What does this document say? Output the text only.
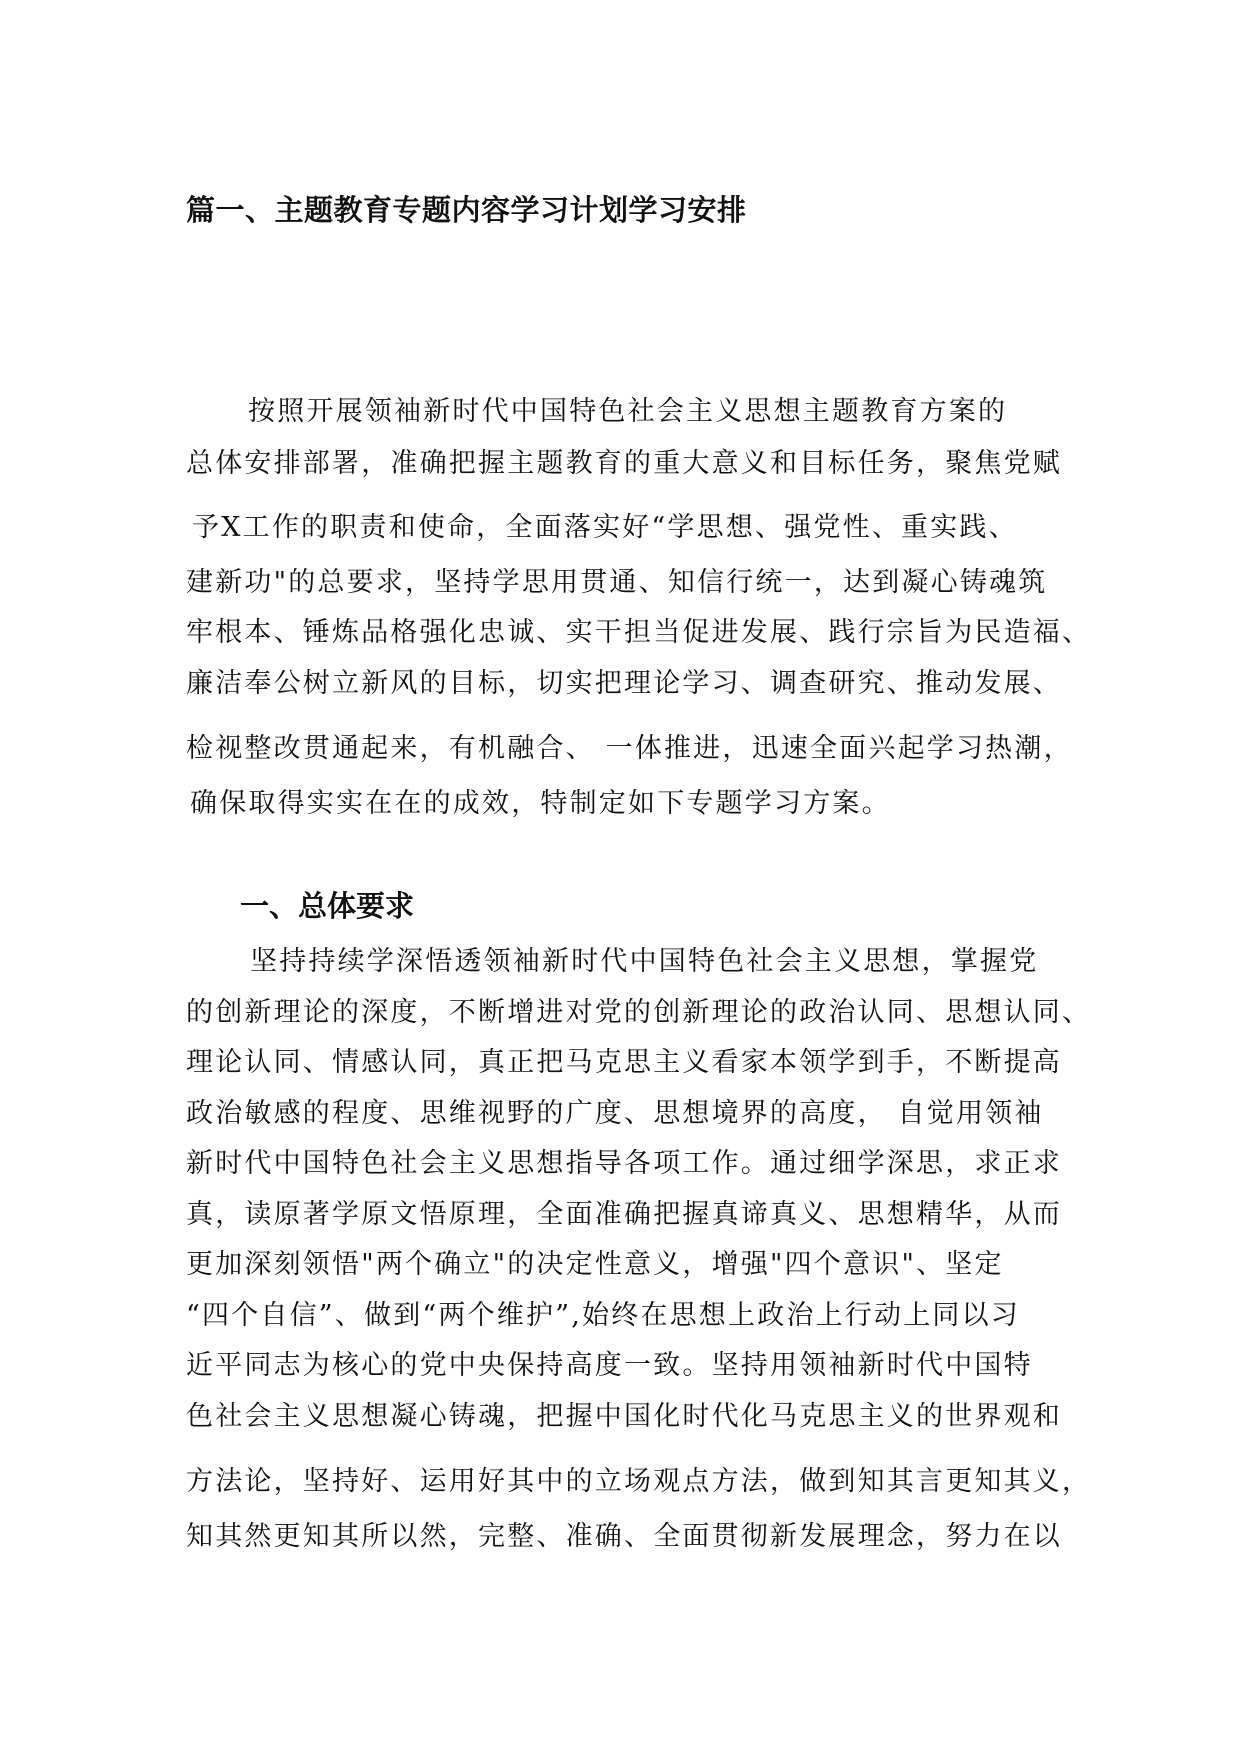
篇一、主题教育专题内容学习计划学习安排
按照开展领袖新时代中国特色社会主义思想主题教育方案的
总体安排部署，准确把握主题教育的重大意义和目标任务，聚焦党赋
予X工作的职责和使命，全面落实好“学思想、强党性、重实践、
建新功"的总要求，坚持学思用贯通、知信行统一，达到凝心铸魂筑
牢根本、锤炼品格强化忠诚、实干担当促进发展、践行宗旨为民造福、
廉洁奉公树立新风的目标，切实把理论学习、调查研究、推动发展、
检视整改贯通起来，有机融合、 一体推进，迅速全面兴起学习热潮，
确保取得实实在在的成效，特制定如下专题学习方案。
一、总体要求
坚持持续学深悟透领袖新时代中国特色社会主义思想，掌握党
的创新理论的深度，不断增进对党的创新理论的政治认同、思想认同、
理论认同、情感认同，真正把马克思主义看家本领学到手，不断提高
政治敏感的程度、思维视野的广度、思想境界的高度， 自觉用领袖
新时代中国特色社会主义思想指导各项工作。通过细学深思，求正求
真，读原著学原文悟原理，全面准确把握真谛真义、思想精华，从而
更加深刻领悟"两个确立"的决定性意义，增强"四个意识"、坚定
“四个自信”、做到“两个维护”,始终在思想上政治上行动上同以习
近平同志为核心的党中央保持高度一致。坚持用领袖新时代中国特
色社会主义思想凝心铸魂，把握中国化时代化马克思主义的世界观和
方法论，坚持好、运用好其中的立场观点方法，做到知其言更知其义，
知其然更知其所以然，完整、准确、全面贯彻新发展理念，努力在以
